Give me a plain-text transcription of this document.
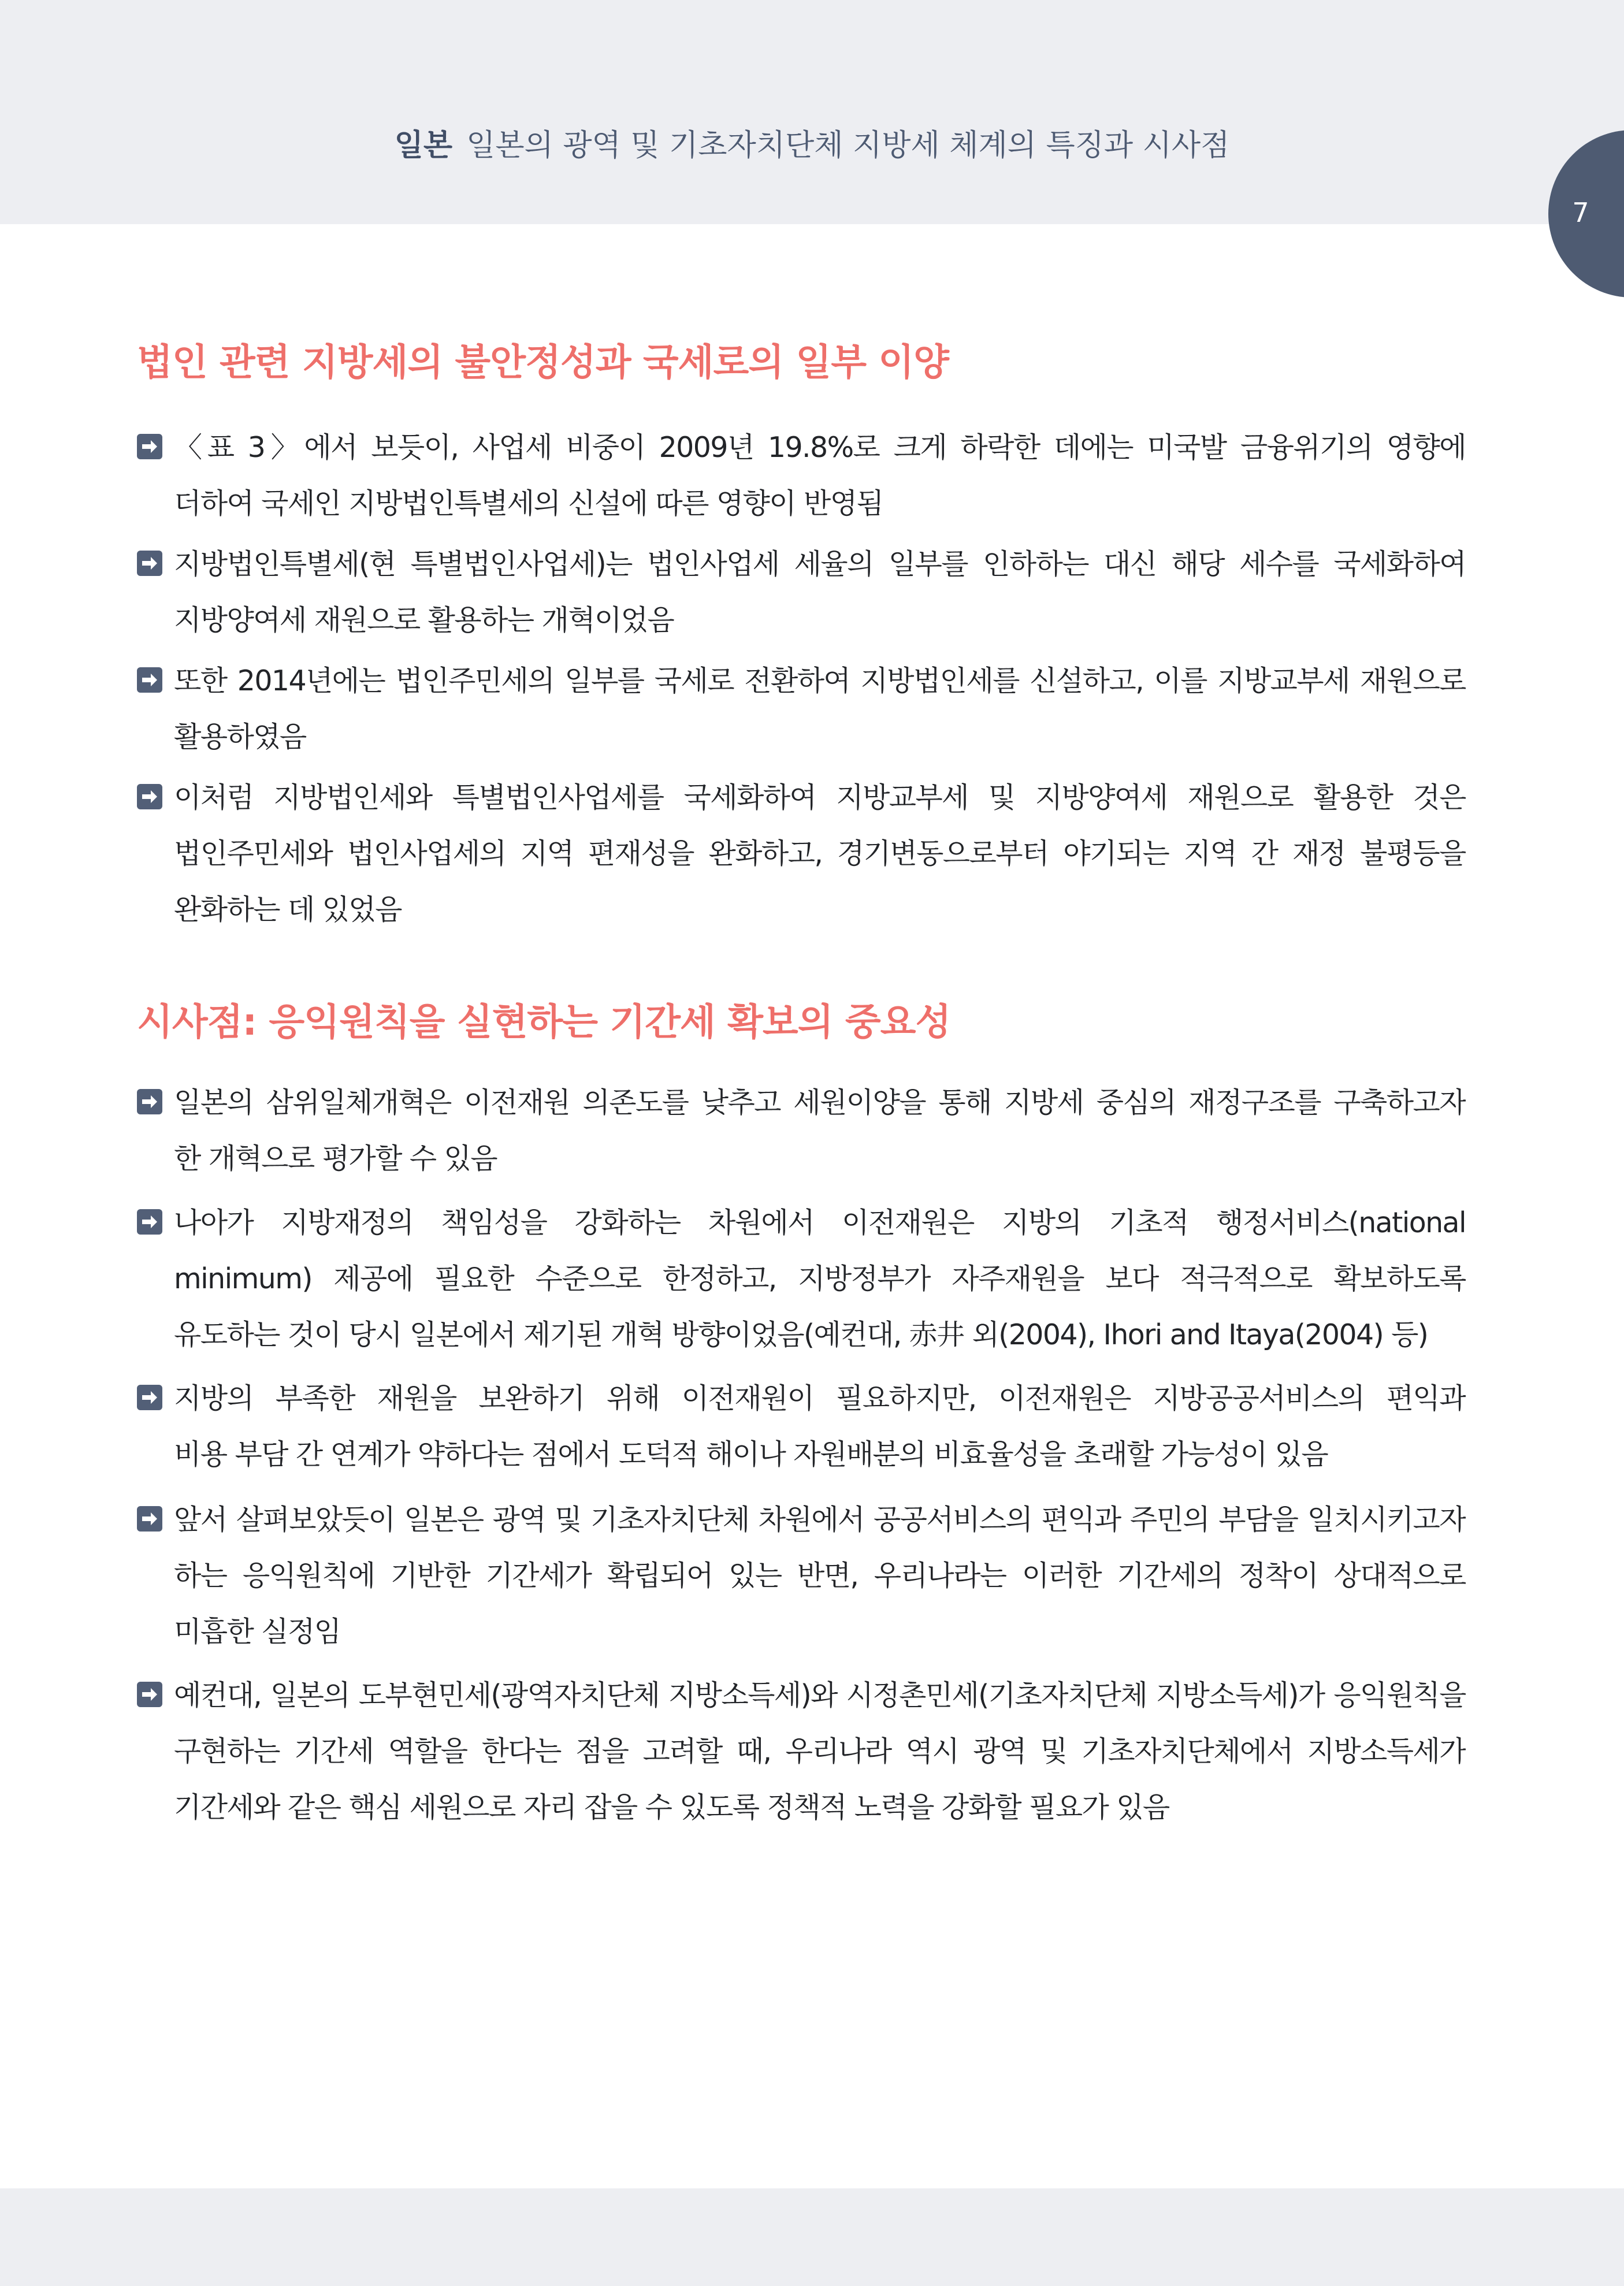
일본 일본의 광역 및 기초자치단체 지방세 체계의 특징과 시사점
7
법인 관련 지방세의 불안정성과 국세로의 일부 이양
〈표 3〉에서 보듯이, 사업세 비중이 2009년 19.8%로 크게 하락한 데에는 미국발 금융위기의 영향에
더하여 국세인 지방법인특별세의 신설에 따른 영향이 반영됨
지방법인특별세(현 특별법인사업세)는 법인사업세 세율의 일부를 인하하는 대신 해당 세수를 국세화하여
지방양여세 재원으로 활용하는 개혁이었음
또한 2014년에는 법인주민세의 일부를 국세로 전환하여 지방법인세를 신설하고, 이를 지방교부세 재원으로
활용하였음
이처럼 지방법인세와 특별법인사업세를 국세화하여 지방교부세 및 지방양여세 재원으로 활용한 것은
법인주민세와 법인사업세의 지역 편재성을 완화하고, 경기변동으로부터 야기되는 지역 간 재정 불평등을
완화하는 데 있었음
시사점: 응익원칙을 실현하는 기간세 확보의 중요성
일본의 삼위일체개혁은 이전재원 의존도를 낮추고 세원이양을 통해 지방세 중심의 재정구조를 구축하고자
한 개혁으로 평가할 수 있음
나아가 지방재정의 책임성을 강화하는 차원에서 이전재원은 지방의 기초적 행정서비스(national
minimum) 제공에 필요한 수준으로 한정하고, 지방정부가 자주재원을 보다 적극적으로 확보하도록
유도하는 것이 당시 일본에서 제기된 개혁 방향이었음(예컨대, 赤井 외(2004), Ihori and Itaya(2004) 등)
지방의 부족한 재원을 보완하기 위해 이전재원이 필요하지만, 이전재원은 지방공공서비스의 편익과
비용 부담 간 연계가 약하다는 점에서 도덕적 해이나 자원배분의 비효율성을 초래할 가능성이 있음
앞서 살펴보았듯이 일본은 광역 및 기초자치단체 차원에서 공공서비스의 편익과 주민의 부담을 일치시키고자
하는 응익원칙에 기반한 기간세가 확립되어 있는 반면, 우리나라는 이러한 기간세의 정착이 상대적으로
미흡한 실정임
예컨대, 일본의 도부현민세(광역자치단체 지방소득세)와 시정촌민세(기초자치단체 지방소득세)가 응익원칙을
구현하는 기간세 역할을 한다는 점을 고려할 때, 우리나라 역시 광역 및 기초자치단체에서 지방소득세가
기간세와 같은 핵심 세원으로 자리 잡을 수 있도록 정책적 노력을 강화할 필요가 있음
